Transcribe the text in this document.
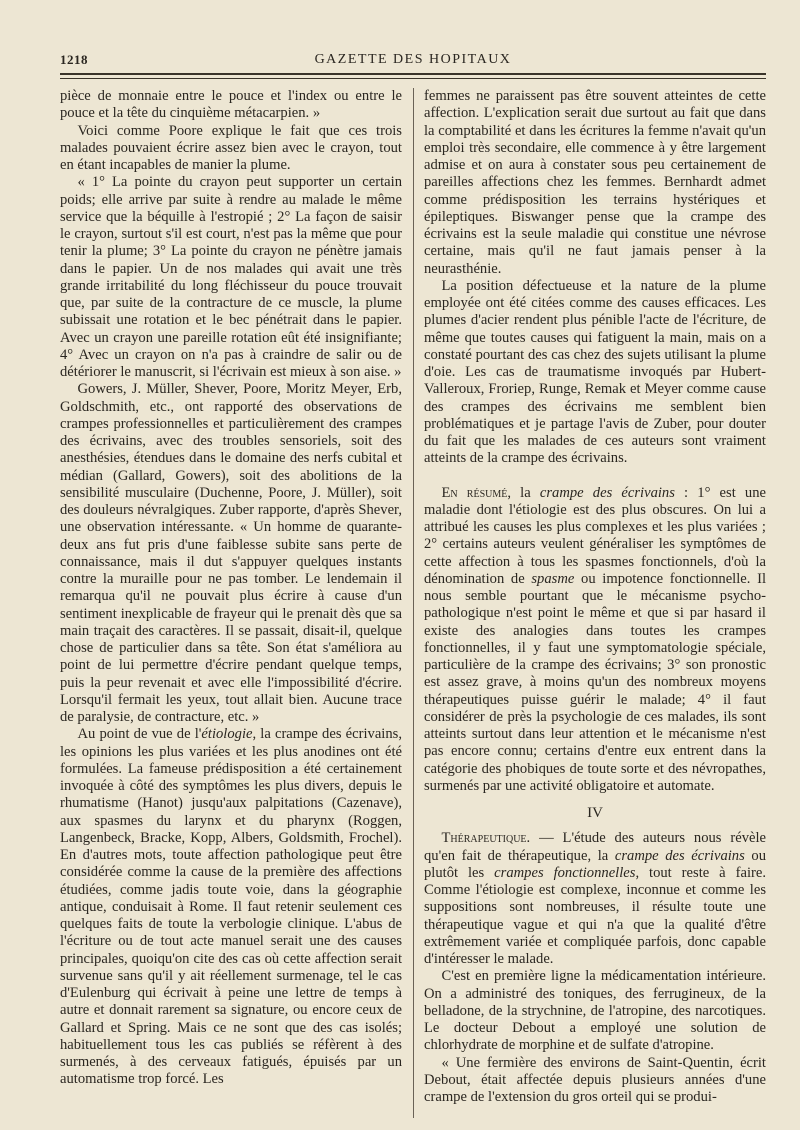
1218	GAZETTE DES HOPITAUX

pièce de monnaie entre le pouce et l'index ou entre le pouce et la tête du cinquième métacarpien. »

Voici comme Poore explique le fait que ces trois malades pouvaient écrire assez bien avec le crayon, tout en étant incapables de manier la plume.

« 1° La pointe du crayon peut supporter un certain poids; elle arrive par suite à rendre au malade le même service que la béquille à l'estropié ; 2° La façon de saisir le crayon, surtout s'il est court, n'est pas la même que pour tenir la plume; 3° La pointe du crayon ne pénètre jamais dans le papier. Un de nos malades qui avait une très grande irritabilité du long fléchisseur du pouce trouvait que, par suite de la contracture de ce muscle, la plume subissait une rotation et le bec pénétrait dans le papier. Avec un crayon une pareille rotation eût été insignifiante; 4° Avec un crayon on n'a pas à craindre de salir ou de détériorer le manuscrit, si l'écrivain est mieux à son aise. »

Gowers, J. Müller, Shever, Poore, Moritz Meyer, Erb, Goldschmith, etc., ont rapporté des observations de crampes professionnelles et particulièrement des crampes des écrivains, avec des troubles sensoriels, soit des anesthésies, étendues dans le domaine des nerfs cubital et médian (Gallard, Gowers), soit des abolitions de la sensibilité musculaire (Duchenne, Poore, J. Müller), soit des douleurs névralgiques. Zuber rapporte, d'après Shever, une observation intéressante. « Un homme de quarante-deux ans fut pris d'une faiblesse subite sans perte de connaissance, mais il dut s'appuyer quelques instants contre la muraille pour ne pas tomber. Le lendemain il remarqua qu'il ne pouvait plus écrire à cause d'un sentiment inexplicable de frayeur qui le prenait dès que sa main traçait des caractères. Il se passait, disait-il, quelque chose de particulier dans sa tête. Son état s'améliora au point de lui permettre d'écrire pendant quelque temps, puis la peur revenait et avec elle l'impossibilité d'écrire. Lorsqu'il fermait les yeux, tout allait bien. Aucune trace de paralysie, de contracture, etc. »

Au point de vue de l'étiologie, la crampe des écrivains, les opinions les plus variées et les plus anodines ont été formulées. La fameuse prédisposition a été certainement invoquée à côté des symptômes les plus divers, depuis le rhumatisme (Hanot) jusqu'aux palpitations (Cazenave), aux spasmes du larynx et du pharynx (Roggen, Langenbeck, Bracke, Kopp, Albers, Goldsmith, Frochel). En d'autres mots, toute affection pathologique peut être considérée comme la cause de la première des affections étudiées, comme jadis toute voie, dans la géographie antique, conduisait à Rome. Il faut retenir seulement ces quelques faits de toute la verbologie clinique. L'abus de l'écriture ou de tout acte manuel serait une des causes principales, quoiqu'on cite des cas où cette affection serait survenue sans qu'il y ait réellement surmenage, tel le cas d'Eulenburg qui écrivait à peine une lettre de temps à autre et donnait rarement sa signature, ou encore ceux de Gallard et Spring. Mais ce ne sont que des cas isolés; habituellement tous les cas publiés se réfèrent à des surmenés, à des cerveaux fatigués, épuisés par un automatisme trop forcé. Les

femmes ne paraissent pas être souvent atteintes de cette affection. L'explication serait due surtout au fait que dans la comptabilité et dans les écritures la femme n'avait qu'un emploi très secondaire, elle commence à y être largement admise et on aura à constater sous peu certainement de pareilles affections chez les femmes. Bernhardt admet comme prédisposition les terrains hystériques et épileptiques. Biswanger pense que la crampe des écrivains est la seule maladie qui constitue une névrose certaine, mais qu'il ne faut jamais penser à la neurasthénie.

La position défectueuse et la nature de la plume employée ont été citées comme des causes efficaces. Les plumes d'acier rendent plus pénible l'acte de l'écriture, de même que toutes causes qui fatiguent la main, mais on a constaté pourtant des cas chez des sujets utilisant la plume d'oie. Les cas de traumatisme invoqués par Hubert-Valleroux, Froriep, Runge, Remak et Meyer comme cause des crampes des écrivains me semblent bien problématiques et je partage l'avis de Zuber, pour douter du fait que les malades de ces auteurs sont vraiment atteints de la crampe des écrivains.

En résumé, la crampe des écrivains : 1° est une maladie dont l'étiologie est des plus obscures. On lui a attribué les causes les plus complexes et les plus variées ; 2° certains auteurs veulent généraliser les symptômes de cette affection à tous les spasmes fonctionnels, d'où la dénomination de spasme ou impotence fonctionnelle. Il nous semble pourtant que le mécanisme psycho-pathologique n'est point le même et que si par hasard il existe des analogies dans toutes les crampes fonctionnelles, il y faut une symptomatologie spéciale, particulière de la crampe des écrivains; 3° son pronostic est assez grave, à moins qu'un des nombreux moyens thérapeutiques puisse guérir le malade; 4° il faut considérer de près la psychologie de ces malades, ils sont atteints surtout dans leur attention et le mécanisme n'est pas encore connu; certains d'entre eux entrent dans la catégorie des phobiques de toute sorte et des névropathes, surmenés par une activité obligatoire et automate.

IV

Thérapeutique. — L'étude des auteurs nous révèle qu'en fait de thérapeutique, la crampe des écrivains ou plutôt les crampes fonctionnelles, tout reste à faire. Comme l'étiologie est complexe, inconnue et comme les suppositions sont nombreuses, il résulte toute une thérapeutique vague et qui n'a que la qualité d'être extrêmement variée et compliquée parfois, donc capable d'intéresser le malade.

C'est en première ligne la médicamentation intérieure. On a administré des toniques, des ferrugineux, de la belladone, de la strychnine, de l'atropine, des narcotiques. Le docteur Debout a employé une solution de chlorhydrate de morphine et de sulfate d'atropine.

« Une fermière des environs de Saint-Quentin, écrit Debout, était affectée depuis plusieurs années d'une crampe de l'extension du gros orteil qui se produi-
